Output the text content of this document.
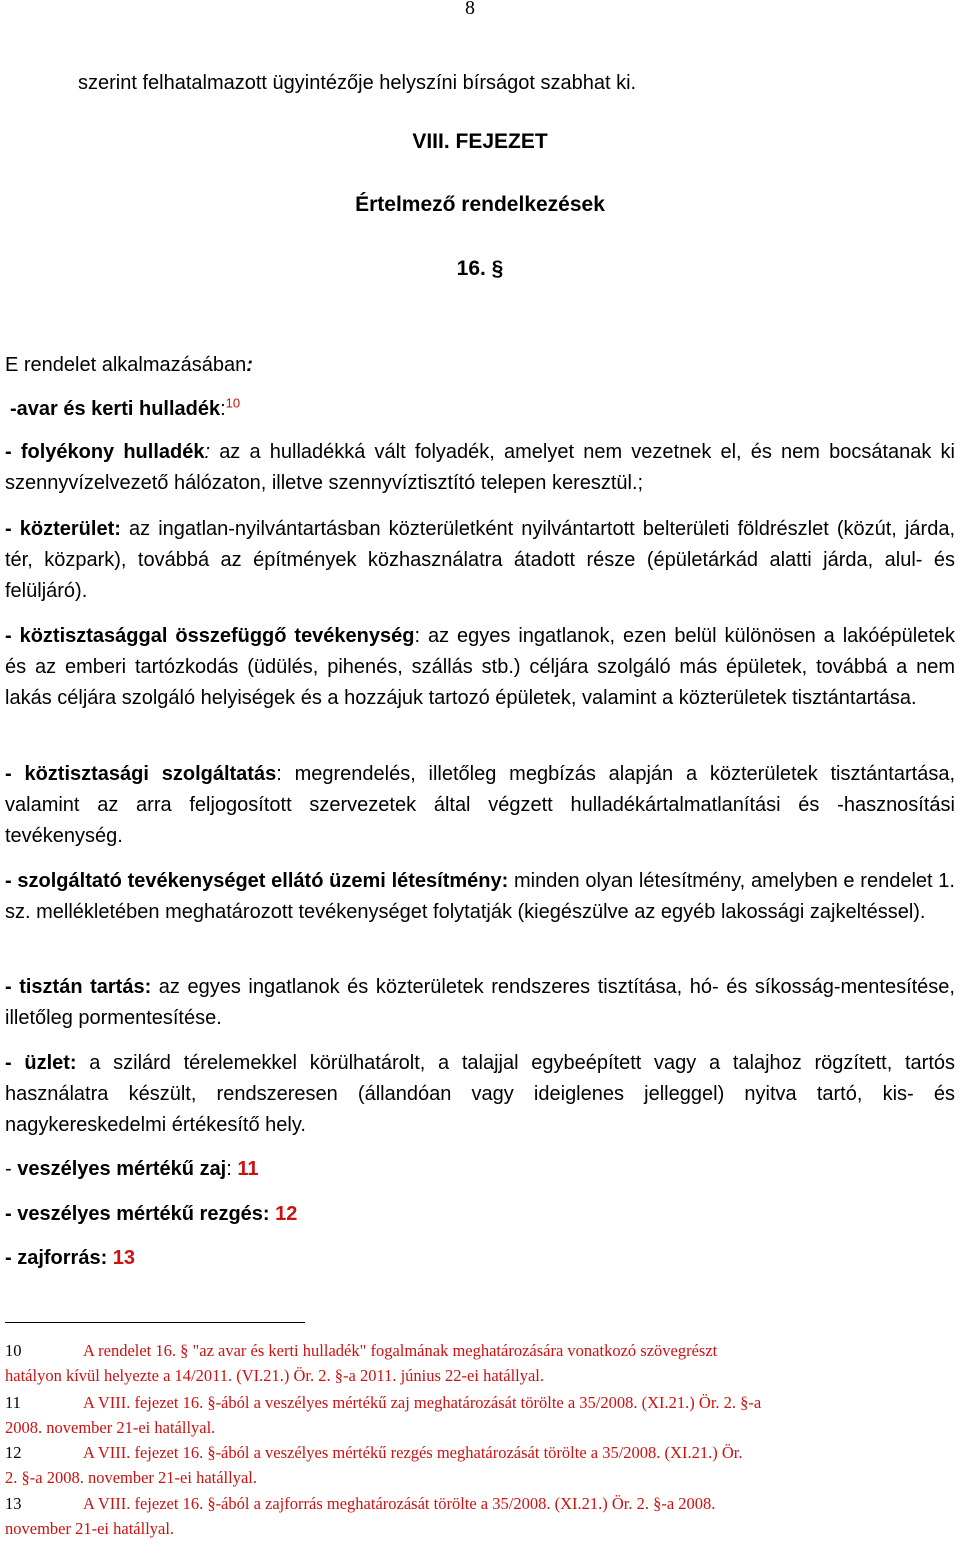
8

szerint felhatalmazott ügyintézője helyszíni bírságot szabhat ki.

VIII. FEJEZET

Értelmező rendelkezések

16. §

E rendelet alkalmazásában:

-avar és kerti hulladék:$^{10}$

- folyékony hulladék: az a hulladékká vált folyadék, amelyet nem vezetnek el, és nem bocsátanak ki szennyvízelvezető hálózaton, illetve szennyvíztisztító telepen keresztül.;

- közterület: az ingatlan-nyilvántartásban közterületként nyilvántartott belterületi földrészlet (közút, járda, tér, közpark), továbbá az építmények közhasználatra átadott része (épületárkád alatti járda, alul- és felüljáró).

- köztisztasággal összefüggő tevékenység: az egyes ingatlanok, ezen belül különösen a lakóépületek és az emberi tartózkodás (üdülés, pihenés, szállás stb.) céljára szolgáló más épületek, továbbá a nem lakás céljára szolgáló helyiségek és a hozzájuk tartozó épületek, valamint a közterületek tisztántartása.

- köztisztasági szolgáltatás: megrendelés, illetőleg megbízás alapján a közterületek tisztántartása, valamint az arra feljogosított szervezetek által végzett hulladékártalmatlanítási és -hasznosítási tevékenység.

- szolgáltató tevékenységet ellátó üzemi létesítmény: minden olyan létesítmény, amelyben e rendelet 1. sz. mellékletében meghatározott tevékenységet folytatják (kiegészülve az egyéb lakossági zajkeltéssel).

- tisztán tartás: az egyes ingatlanok és közterületek rendszeres tisztítása, hó- és síkosság-mentesítése, illetőleg pormentesítése.

- üzlet: a szilárd térelemekkel körülhatárolt, a talajjal egybeépített vagy a talajhoz rögzített, tartós használatra készült, rendszeresen (állandóan vagy ideiglenes jelleggel) nyitva tartó, kis- és nagykereskedelmi értékesítő hely.

- veszélyes mértékű zaj: 11

- veszélyes mértékű rezgés: 12

- zajforrás: 13

10	A rendelet 16. § "az avar és kerti hulladék" fogalmának meghatározására vonatkozó szövegrészt
hatályon kívül helyezte a 14/2011. (VI.21.) Ör. 2. §-a 2011. június 22-ei hatállyal.
11	A VIII. fejezet 16. §-ából a veszélyes mértékű zaj meghatározását törölte a 35/2008. (XI.21.) Ör. 2. §-a
2008. november 21-ei hatállyal.
12	A VIII. fejezet 16. §-ából a veszélyes mértékű rezgés meghatározását törölte a 35/2008. (XI.21.) Ör.
2. §-a 2008. november 21-ei hatállyal.
13	A VIII. fejezet 16. §-ából a zajforrás meghatározását törölte a 35/2008. (XI.21.) Ör. 2. §-a 2008.
november 21-ei hatállyal.
